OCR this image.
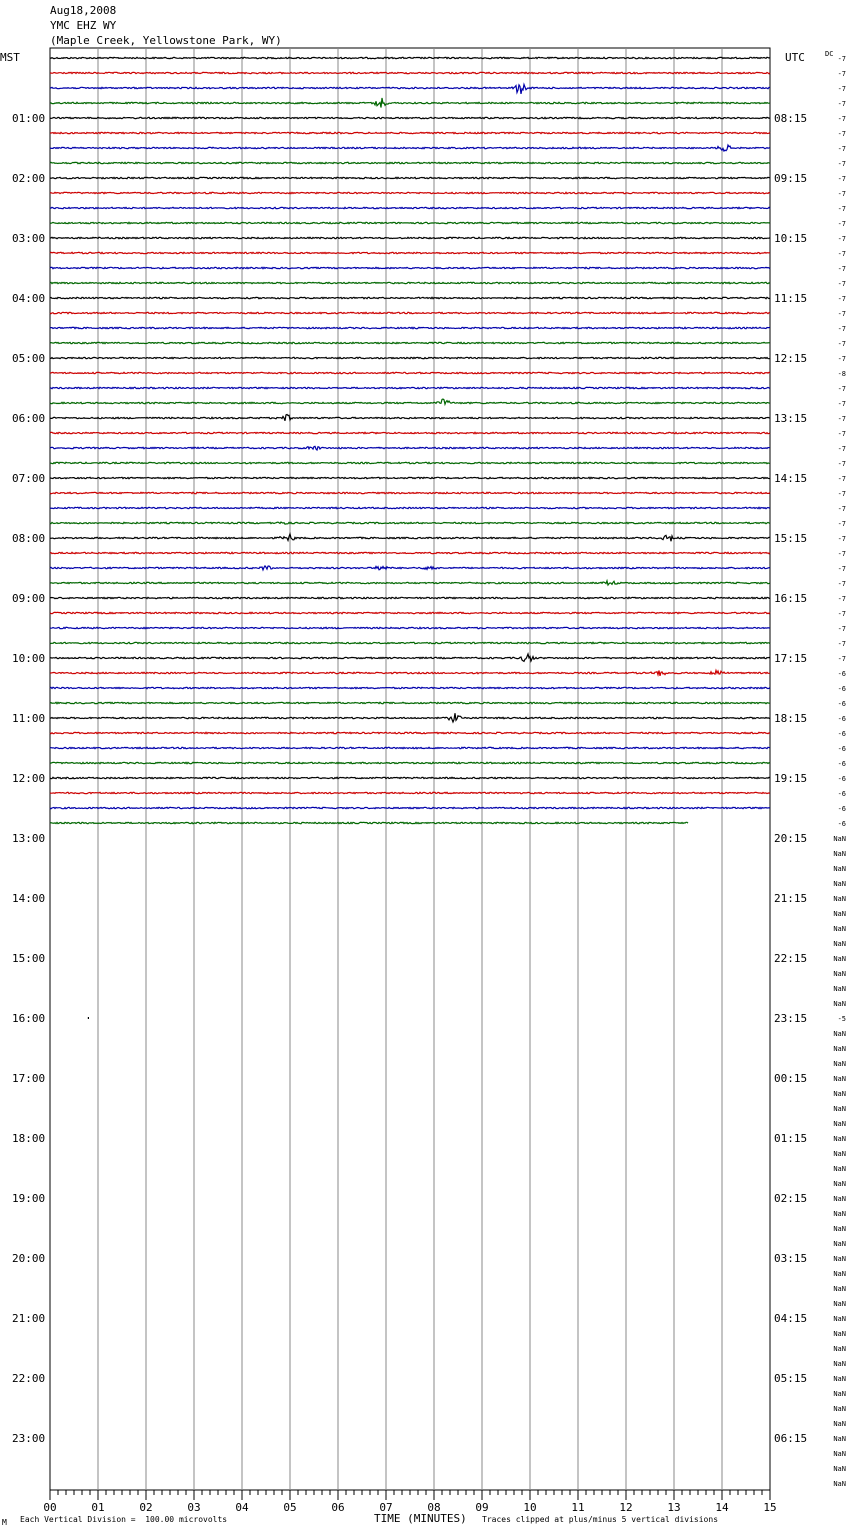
Aug18,2008
YMC EHZ WY
(Maple Creek, Yellowstone Park, WY)
MST	UTC	DC
01:00
02:00
03:00
04:00
05:00
06:00
07:00
08:00
09:00
10:00
11:00
12:00
13:00
14:00
15:00
16:00
17:00
18:00
19:00
20:00
21:00
22:00
23:00
08:15
09:15
10:15
11:15
12:15
13:15
14:15
15:15
16:15
17:15
18:15
19:15
20:15
21:15
22:15
23:15
00:15
01:15
02:15
03:15
04:15
05:15
06:15
-7
-7
-7
-7
-7
-7
-7
-7
-7
-7
-7
-7
-7
-7
-7
-7
-7
-7
-7
-7
-7
-8
-7
-7
-7
-7
-7
-7
-7
-7
-7
-7
-7
-7
-7
-7
-7
-7
-7
-7
-7
-6
-6
-6
-6
-6
-6
-6
-6
-6
-6
-6
NaN
NaN
NaN
NaN
NaN
NaN
NaN
NaN
NaN
NaN
NaN
NaN
-5
NaN
NaN
NaN
NaN
NaN
NaN
NaN
NaN
NaN
NaN
NaN
NaN
NaN
NaN
NaN
NaN
NaN
NaN
NaN
NaN
NaN
NaN
NaN
NaN
NaN
NaN
NaN
NaN
NaN
NaN
NaN
00	01	02	03	04	05	06	07	08	09	10	11	12	13	14	15
M Each Vertical Division =  100.00 microvolts	TIME (MINUTES) Traces clipped at plus/minus 5 vertical divisions
